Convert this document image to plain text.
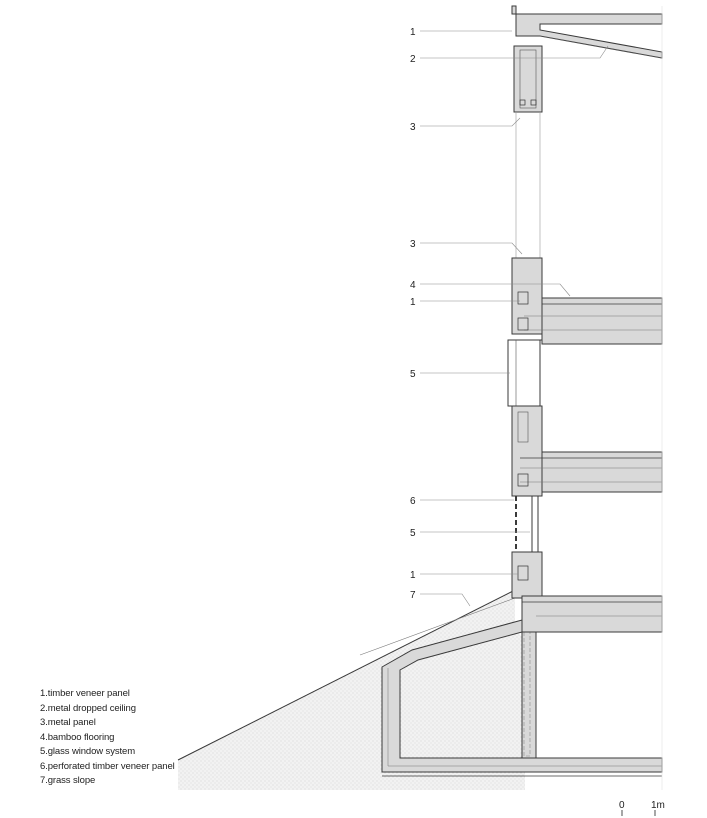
1
2
3
3
4
1
5
6
5
1
7
0	1m
1.timber veneer panel
2.metal dropped ceiling
3.metal panel
4.bamboo flooring
5.glass window system
6.perforated timber veneer panel
7.grass slope
